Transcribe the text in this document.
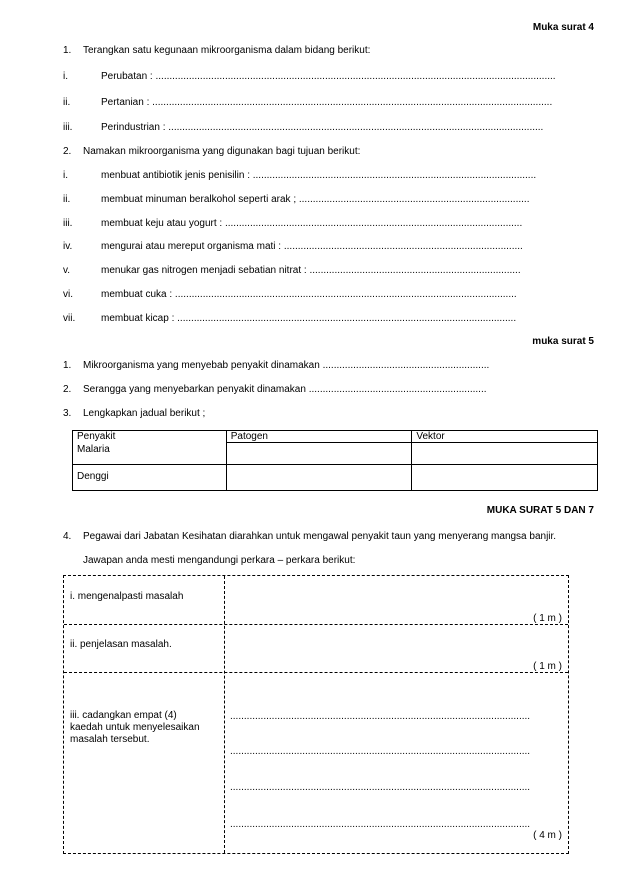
Muka surat 4
1. Terangkan satu kegunaan mikroorganisma dalam bidang berikut:
i.	Perubatan : ................................................................................................................................................
ii.	Pertanian : ................................................................................................................................................
iii.	Perindustrian : .......................................................................................................................................
2. Namakan mikroorganisma yang digunakan bagi tujuan berikut:
i.	menbuat antibiotik jenis penisilin : ......................................................................................................
ii.	membuat minuman beralkohol seperti arak ; ...................................................................................
iii.	membuat keju atau yogurt : ...........................................................................................................
iv.	mengurai atau mereput organisma mati : ......................................................................................
v.	menukar gas nitrogen menjadi sebatian nitrat : ............................................................................
vi.	membuat cuka : ...........................................................................................................................
vii.	membuat kicap : ..........................................................................................................................
muka surat 5
1. Mikroorganisma yang menyebab penyakit dinamakan ............................................................
2. Serangga yang menyebarkan penyakit dinamakan ................................................................
3. Lengkapkan jadual berikut ;
Penyakit	Patogen	Vektor
Malaria		
Denggi		
MUKA SURAT 5 DAN 7
4. Pegawai dari Jabatan Kesihatan diarahkan untuk mengawal penyakit taun yang menyerang mangsa banjir.
Jawapan anda mesti mengandungi perkara – perkara berikut:
i. mengenalpasti masalah
( 1 m )
ii. penjelasan masalah.
( 1 m )
iii. cadangkan empat (4)
kaedah untuk menyelesaikan
masalah tersebut.
............................................................................................................
............................................................................................................
............................................................................................................
............................................................................................................
( 4 m )
